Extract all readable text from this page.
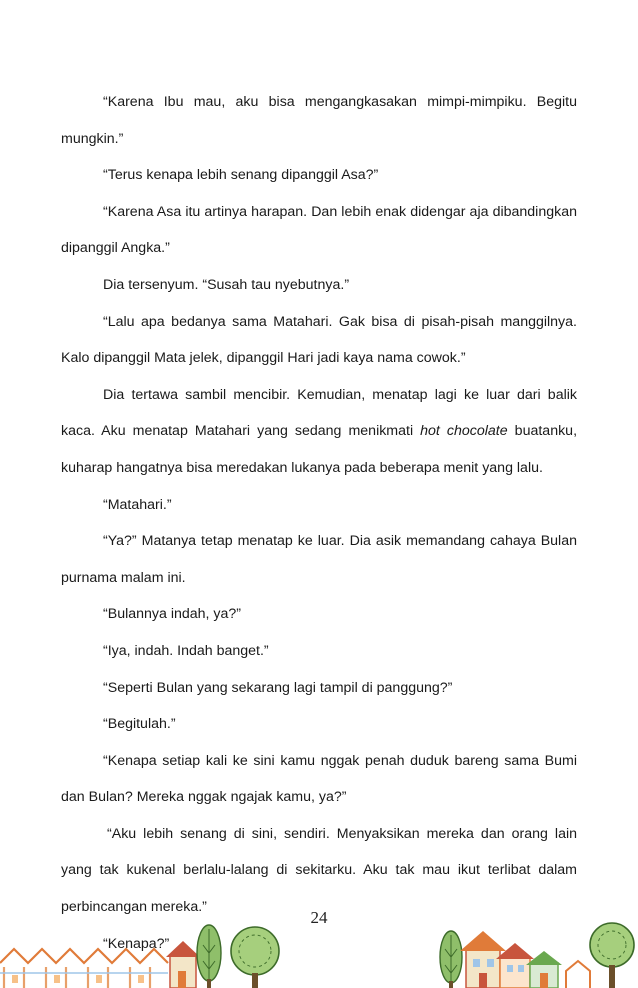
“Karena Ibu mau, aku bisa mengangkasakan mimpi-mimpiku. Begitu
mungkin.”
“Terus kenapa lebih senang dipanggil Asa?”
“Karena Asa itu artinya harapan. Dan lebih enak didengar aja dibandingkan
dipanggil Angka.”
Dia tersenyum. “Susah tau nyebutnya.”
“Lalu apa bedanya sama Matahari. Gak bisa di pisah-pisah manggilnya.
Kalo dipanggil Mata jelek, dipanggil Hari jadi kaya nama cowok.”
Dia tertawa sambil mencibir. Kemudian, menatap lagi ke luar dari balik
kaca. Aku menatap Matahari yang sedang menikmati hot chocolate buatanku,
kuharap hangatnya bisa meredakan lukanya pada beberapa menit yang lalu.
“Matahari.”
“Ya?” Matanya tetap menatap ke luar. Dia asik memandang cahaya Bulan
purnama malam ini.
“Bulannya indah, ya?”
“Iya, indah. Indah banget.”
“Seperti Bulan yang sekarang lagi tampil di panggung?”
“Begitulah.”
“Kenapa setiap kali ke sini kamu nggak penah duduk bareng sama Bumi
dan Bulan? Mereka nggak ngajak kamu, ya?”
“Aku lebih senang di sini, sendiri. Menyaksikan mereka dan orang lain
yang tak kukenal berlalu-lalang di sekitarku. Aku tak mau ikut terlibat dalam
perbincangan mereka.”
“Kenapa?”
24
